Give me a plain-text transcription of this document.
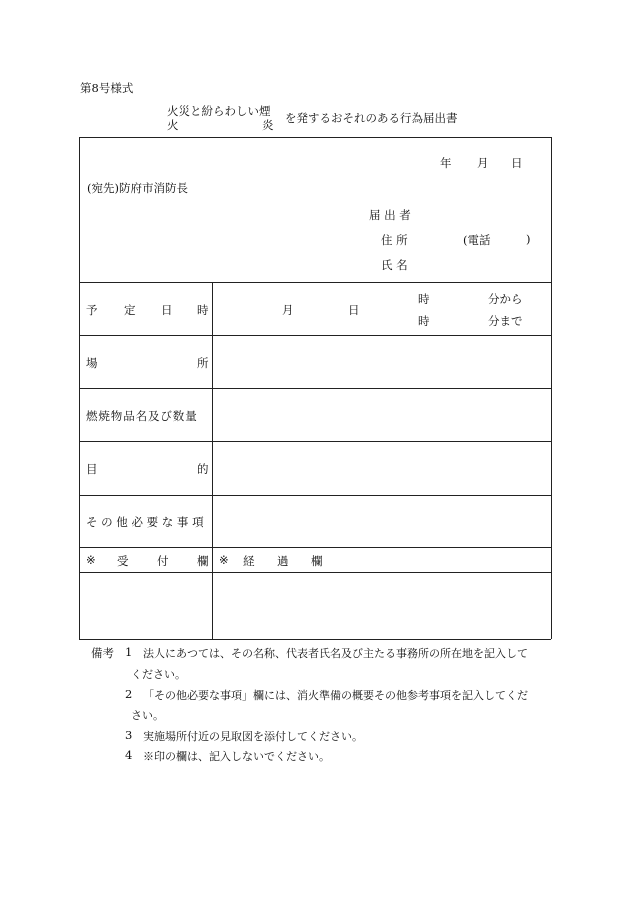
第8号様式
火災と紛らわしい煙
火	炎 を発するおそれのある行為届出書
年 月 日
(宛先)防府市消防長
届 出 者
住 所	(電話	)
氏 名
予 定 日 時	月	日
時	分から
時	分まで
場	所
燃焼物品名及び数量
目	的
そ の 他 必 要 な 事 項
※ 受 付 欄 ※ 経 過 欄
備考 1 法人にあつては、その名称、代表者氏名及び主たる事務所の所在地を記入して
ください。
2 「その他必要な事項」欄には、消火準備の概要その他参考事項を記入してくだ
さい。
3 実施場所付近の見取図を添付してください。
4 ※印の欄は、記入しないでください。
